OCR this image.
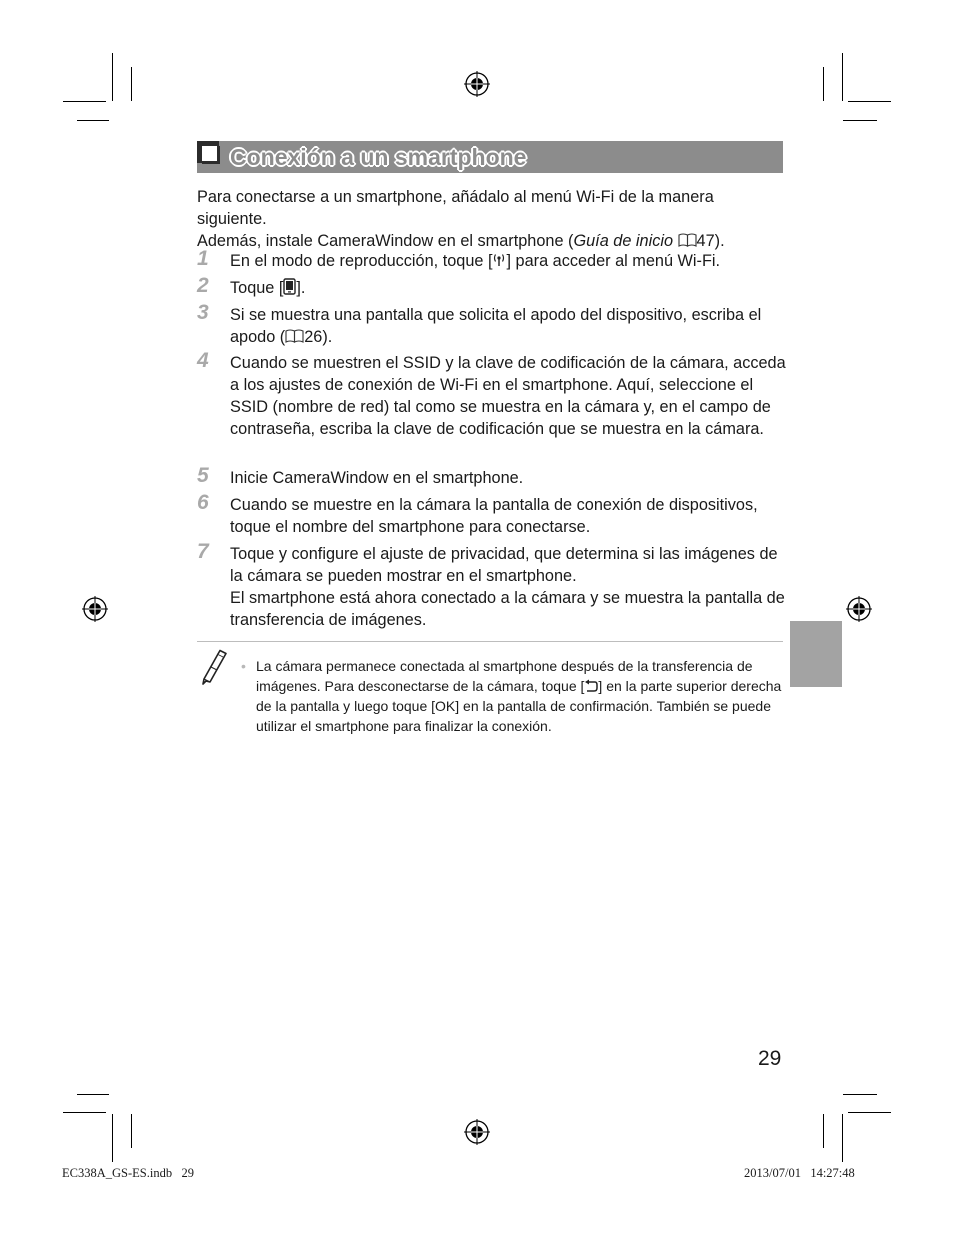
Conexión a un smartphone

Para conectarse a un smartphone, añádalo al menú Wi-Fi de la manera siguiente.

Además, instale CameraWindow en el smartphone (Guía de inicio 47).

1	En el modo de reproducción, toque [ ] para acceder al menú Wi-Fi.
2	Toque [ ].
3	Si se muestra una pantalla que solicita el apodo del dispositivo, escriba el apodo ( 26).
4	Cuando se muestren el SSID y la clave de codificación de la cámara, acceda a los ajustes de conexión de Wi-Fi en el smartphone. Aquí, seleccione el SSID (nombre de red) tal como se muestra en la cámara y, en el campo de contraseña, escriba la clave de codificación que se muestra en la cámara.
5	Inicie CameraWindow en el smartphone.
6	Cuando se muestre en la cámara la pantalla de conexión de dispositivos, toque el nombre del smartphone para conectarse.
7	Toque y configure el ajuste de privacidad, que determina si las imágenes de la cámara se pueden mostrar en el smartphone.
El smartphone está ahora conectado a la cámara y se muestra la pantalla de transferencia de imágenes.
• La cámara permanece conectada al smartphone después de la transferencia de imágenes. Para desconectarse de la cámara, toque [ ] en la parte superior derecha de la pantalla y luego toque [OK] en la pantalla de confirmación. También se puede utilizar el smartphone para finalizar la conexión.
29
EC338A_GS-ES.indb   29	2013/07/01   14:27:48
